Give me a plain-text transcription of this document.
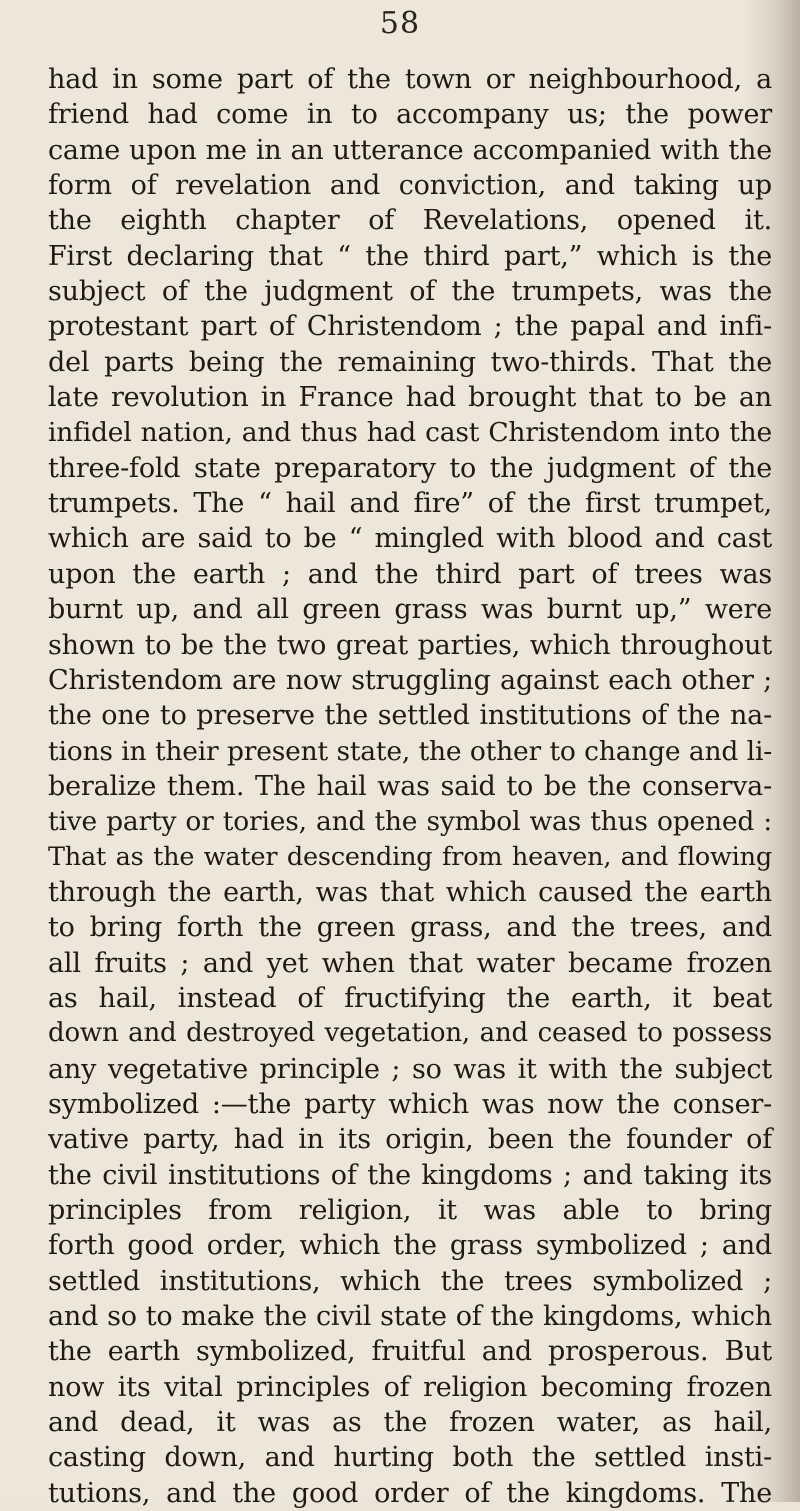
58
had in some part of the town or neighbourhood, a
friend had come in to accompany us; the power
came upon me in an utterance accompanied with the
form of revelation and conviction, and taking up
the eighth chapter of Revelations, opened it.
First declaring that “ the third part,” which is the
subject of the judgment of the trumpets, was the
protestant part of Christendom ; the papal and infi-
del parts being the remaining two-thirds. That the
late revolution in France had brought that to be an
infidel nation, and thus had cast Christendom into the
three-fold state preparatory to the judgment of the
trumpets. The “ hail and fire” of the first trumpet,
which are said to be “ mingled with blood and cast
upon the earth ; and the third part of trees was
burnt up, and all green grass was burnt up,” were
shown to be the two great parties, which throughout
Christendom are now struggling against each other ;
the one to preserve the settled institutions of the na-
tions in their present state, the other to change and li-
beralize them. The hail was said to be the conserva-
tive party or tories, and the symbol was thus opened :
That as the water descending from heaven, and flowing
through the earth, was that which caused the earth
to bring forth the green grass, and the trees, and
all fruits ; and yet when that water became frozen
as hail, instead of fructifying the earth, it beat
down and destroyed vegetation, and ceased to possess
any vegetative principle ; so was it with the subject
symbolized :—the party which was now the conser-
vative party, had in its origin, been the founder of
the civil institutions of the kingdoms ; and taking its
principles from religion, it was able to bring
forth good order, which the grass symbolized ; and
settled institutions, which the trees symbolized ;
and so to make the civil state of the kingdoms, which
the earth symbolized, fruitful and prosperous. But
now its vital principles of religion becoming frozen
and dead, it was as the frozen water, as hail,
casting down, and hurting both the settled insti-
tutions, and the good order of the kingdoms. The
